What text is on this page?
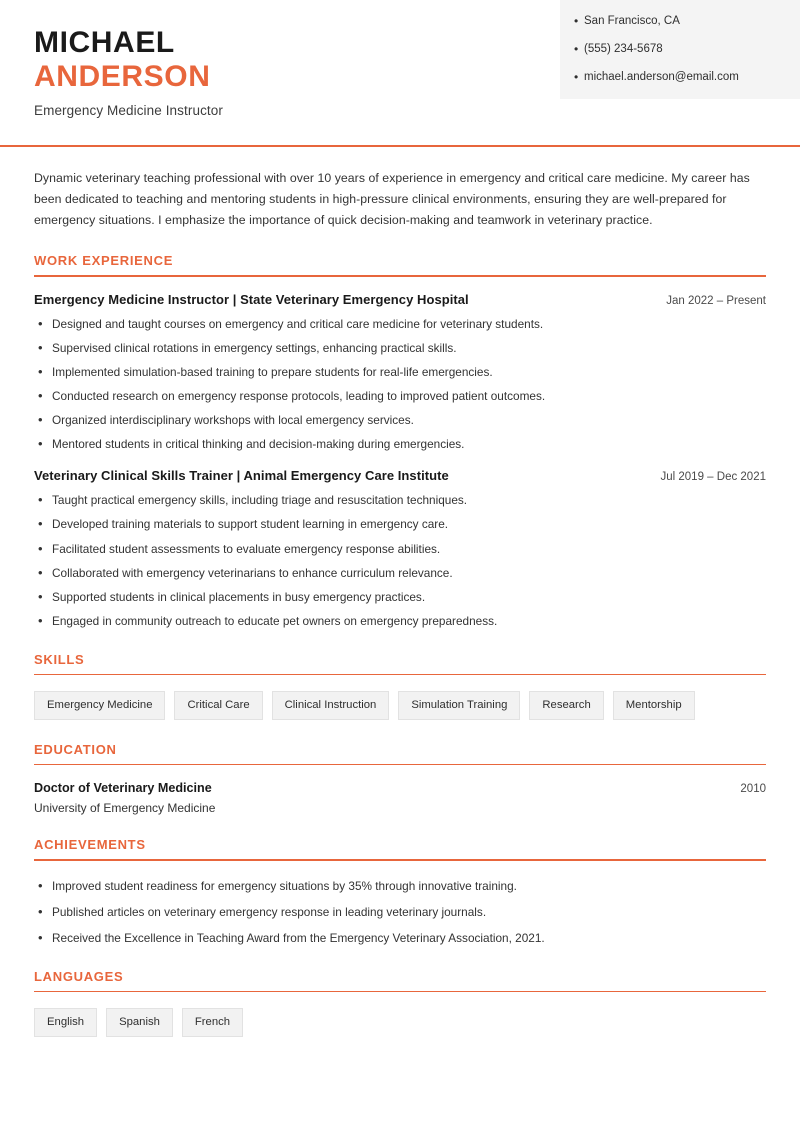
MICHAEL
ANDERSON
Emergency Medicine Instructor
• San Francisco, CA
• (555) 234-5678
• michael.anderson@email.com
Dynamic veterinary teaching professional with over 10 years of experience in emergency and critical care medicine. My career has been dedicated to teaching and mentoring students in high-pressure clinical environments, ensuring they are well-prepared for emergency situations. I emphasize the importance of quick decision-making and teamwork in veterinary practice.
WORK EXPERIENCE
Emergency Medicine Instructor | State Veterinary Emergency Hospital	Jan 2022 – Present
• Designed and taught courses on emergency and critical care medicine for veterinary students.
• Supervised clinical rotations in emergency settings, enhancing practical skills.
• Implemented simulation-based training to prepare students for real-life emergencies.
• Conducted research on emergency response protocols, leading to improved patient outcomes.
• Organized interdisciplinary workshops with local emergency services.
• Mentored students in critical thinking and decision-making during emergencies.
Veterinary Clinical Skills Trainer | Animal Emergency Care Institute	Jul 2019 – Dec 2021
• Taught practical emergency skills, including triage and resuscitation techniques.
• Developed training materials to support student learning in emergency care.
• Facilitated student assessments to evaluate emergency response abilities.
• Collaborated with emergency veterinarians to enhance curriculum relevance.
• Supported students in clinical placements in busy emergency practices.
• Engaged in community outreach to educate pet owners on emergency preparedness.
SKILLS
Emergency Medicine	Critical Care	Clinical Instruction	Simulation Training	Research	Mentorship
EDUCATION
Doctor of Veterinary Medicine	2010
University of Emergency Medicine
ACHIEVEMENTS
• Improved student readiness for emergency situations by 35% through innovative training.
• Published articles on veterinary emergency response in leading veterinary journals.
• Received the Excellence in Teaching Award from the Emergency Veterinary Association, 2021.
LANGUAGES
English	Spanish	French
